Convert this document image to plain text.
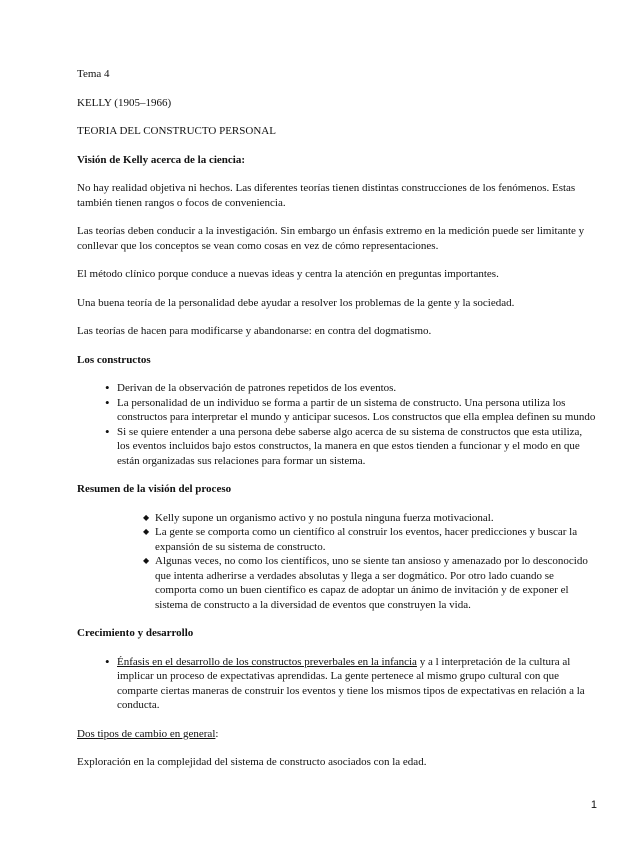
Tema 4

KELLY (1905–1966)

TEORIA DEL CONSTRUCTO PERSONAL

Visión de Kelly acerca de la ciencia:

No hay realidad objetiva ni hechos. Las diferentes teorías tienen distintas construcciones de los fenómenos. Estas también tienen rangos o focos de conveniencia.

Las teorías deben conducir a la investigación. Sin embargo un énfasis extremo en la medición puede ser limitante y conllevar que los conceptos se vean como cosas en vez de cómo representaciones.

El método clínico porque conduce a nuevas ideas y centra la atención en preguntas importantes.

Una buena teoría de la personalidad debe ayudar a resolver los problemas de la gente y la sociedad.

Las teorías de hacen para modificarse y abandonarse: en contra del dogmatismo.

Los constructos

• Derivan de la observación de patrones repetidos de los eventos.
• La personalidad de un individuo se forma a partir de un sistema de constructo. Una persona utiliza los constructos para interpretar el mundo y anticipar sucesos. Los constructos que ella emplea definen su mundo
• Si se quiere entender a una persona debe saberse algo acerca de su sistema de constructos que esta utiliza, los eventos incluidos bajo estos constructos, la manera en que estos tienden a funcionar y el modo en que están organizadas sus relaciones para formar un sistema.

Resumen de la visión del proceso

◆ Kelly supone un organismo activo y no postula ninguna fuerza motivacional.
◆ La gente se comporta como un científico al construir los eventos, hacer predicciones y buscar la expansión de su sistema de constructo.
◆ Algunas veces, no como los científicos, uno se siente tan ansioso y amenazado por lo desconocido que intenta adherirse a verdades absolutas y llega a ser dogmático. Por otro lado cuando se comporta como un buen científico es capaz de adoptar un ánimo de invitación y de exponer el sistema de constructo a la diversidad de eventos que construyen la vida.

Crecimiento y desarrollo

• Énfasis en el desarrollo de los constructos preverbales en la infancia y a l interpretación de la cultura al implicar un proceso de expectativas aprendidas. La gente pertenece al mismo grupo cultural con que comparte ciertas maneras de construir los eventos y tiene los mismos tipos de expectativas en relación a la conducta.

Dos tipos de cambio en general:

Exploración en la complejidad del sistema de constructo asociados con la edad.

1
